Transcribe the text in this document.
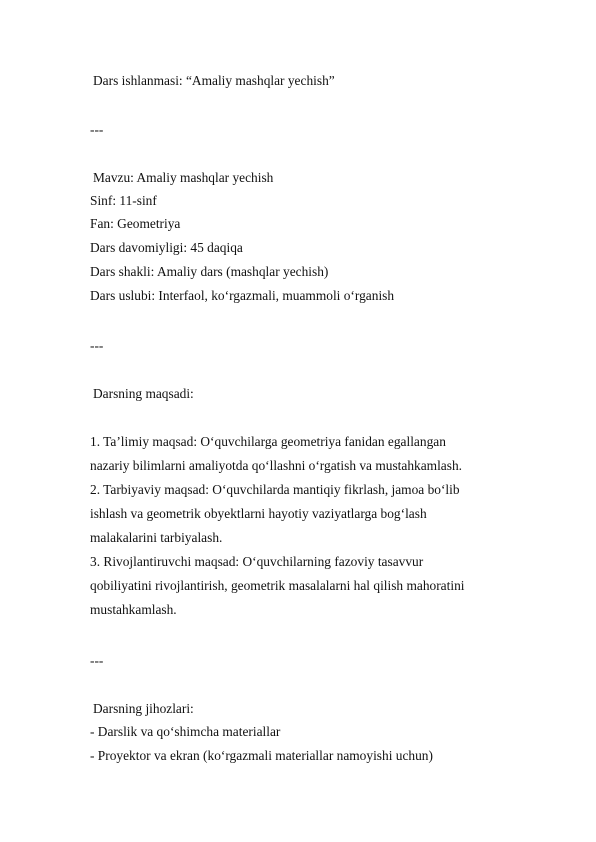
Dars ishlanmasi: “Amaliy mashqlar yechish”
---
Mavzu: Amaliy mashqlar yechish
Sinf: 11-sinf
Fan: Geometriya
Dars davomiyligi: 45 daqiqa
Dars shakli: Amaliy dars (mashqlar yechish)
Dars uslubi: Interfaol, ko‘rgazmali, muammoli o‘rganish
---
Darsning maqsadi:
1. Ta’limiy maqsad: O‘quvchilarga geometriya fanidan egallangan
nazariy bilimlarni amaliyotda qo‘llashni o‘rgatish va mustahkamlash.
2. Tarbiyaviy maqsad: O‘quvchilarda mantiqiy fikrlash, jamoa bo‘lib
ishlash va geometrik obyektlarni hayotiy vaziyatlarga bog‘lash
malakalarini tarbiyalash.
3. Rivojlantiruvchi maqsad: O‘quvchilarning fazoviy tasavvur
qobiliyatini rivojlantirish, geometrik masalalarni hal qilish mahoratini
mustahkamlash.
---
Darsning jihozlari:
- Darslik va qo‘shimcha materiallar
- Proyektor va ekran (ko‘rgazmali materiallar namoyishi uchun)
